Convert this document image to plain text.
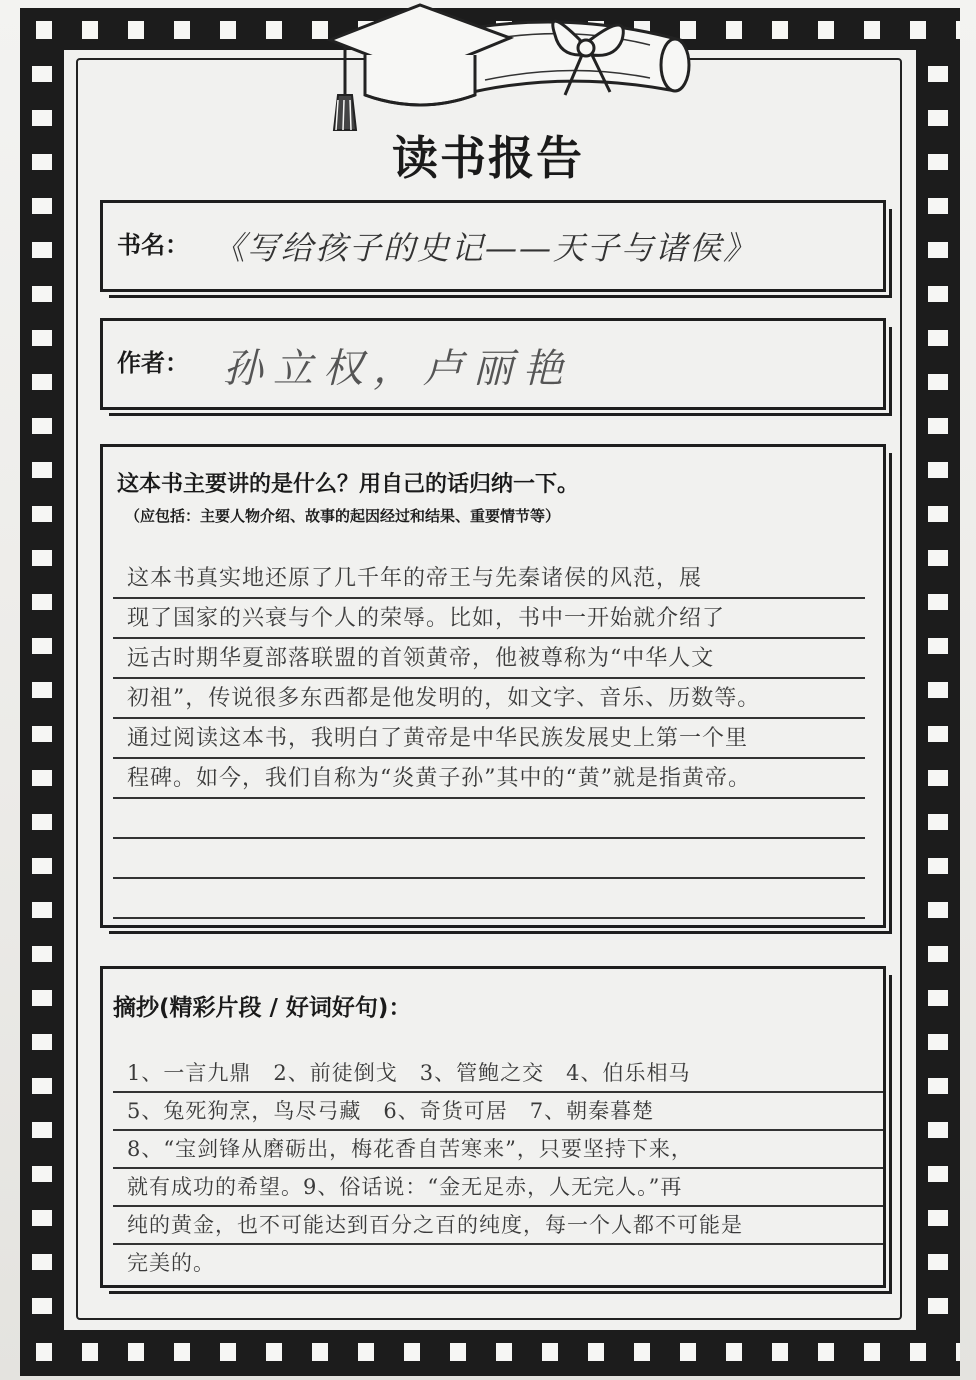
读书报告
书名： 《写给孩子的史记——天子与诸侯》
作者： 孙立权，卢丽艳
这本书主要讲的是什么？用自己的话归纳一下。
（应包括：主要人物介绍、故事的起因经过和结果、重要情节等）
这本书真实地还原了几千年的帝王与先秦诸侯的风范，展
现了国家的兴衰与个人的荣辱。比如，书中一开始就介绍了
远古时期华夏部落联盟的首领黄帝，他被尊称为“中华人文
初祖”，传说很多东西都是他发明的，如文字、音乐、历数等。
通过阅读这本书，我明白了黄帝是中华民族发展史上第一个里
程碑。如今，我们自称为“炎黄子孙”其中的“黄”就是指黄帝。
摘抄(精彩片段 / 好词好句)：
1、一言九鼎　2、前徒倒戈　3、管鲍之交　4、伯乐相马
5、兔死狗烹，鸟尽弓藏　6、奇货可居　7、朝秦暮楚
8、“宝剑锋从磨砺出，梅花香自苦寒来”，只要坚持下来，
就有成功的希望。9、俗话说：“金无足赤，人无完人。”再
纯的黄金，也不可能达到百分之百的纯度，每一个人都不可能是
完美的。
